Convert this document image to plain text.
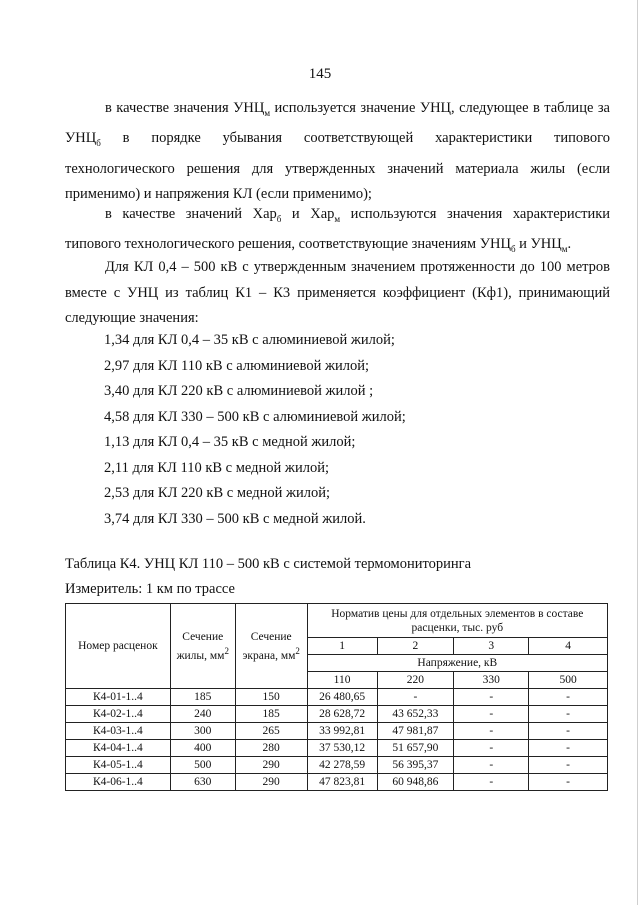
145
в качестве значения $УНЦ_м$ используется значение УНЦ, следующее в таблице за $УНЦ_б$ в порядке убывания соответствующей характеристики типового технологического решения для утвержденных значений материала жилы (если применимо) и напряжения КЛ (если применимо);
в качестве значений Хар$_б$ и Хар$_м$ используются значения характеристики типового технологического решения, соответствующие значениям $УНЦ_б$ и $УНЦ_м$.
Для КЛ 0,4 – 500 кВ с утвержденным значением протяженности до 100 метров вместе с УНЦ из таблиц К1 – К3 применяется коэффициент (Кф1), принимающий следующие значения:
1,34 для КЛ 0,4 – 35 кВ с алюминиевой жилой;
2,97 для КЛ 110 кВ с алюминиевой жилой;
3,40 для КЛ 220 кВ с алюминиевой жилой ;
4,58 для КЛ 330 – 500 кВ с алюминиевой жилой;
1,13 для КЛ 0,4 – 35 кВ с медной жилой;
2,11 для КЛ 110 кВ с медной жилой;
2,53 для КЛ 220 кВ с медной жилой;
3,74 для КЛ 330 – 500 кВ с медной жилой.
Таблица К4. УНЦ КЛ 110 – 500 кВ с системой термомониторинга
Измеритель: 1 км по трассе
Номер расценок	Сечение жилы, $мм^2$	Сечение экрана, $мм^2$	Норматив цены для отдельных элементов в составе расценки, тыс. руб			
			1	2	3	4
			Напряжение, кВ			
			110	220	330	500
К4-01-1..4	185	150	26 480,65	-	-	-
К4-02-1..4	240	185	28 628,72	43 652,33	-	-
К4-03-1..4	300	265	33 992,81	47 981,87	-	-
К4-04-1..4	400	280	37 530,12	51 657,90	-	-
К4-05-1..4	500	290	42 278,59	56 395,37	-	-
К4-06-1..4	630	290	47 823,81	60 948,86	-	-
